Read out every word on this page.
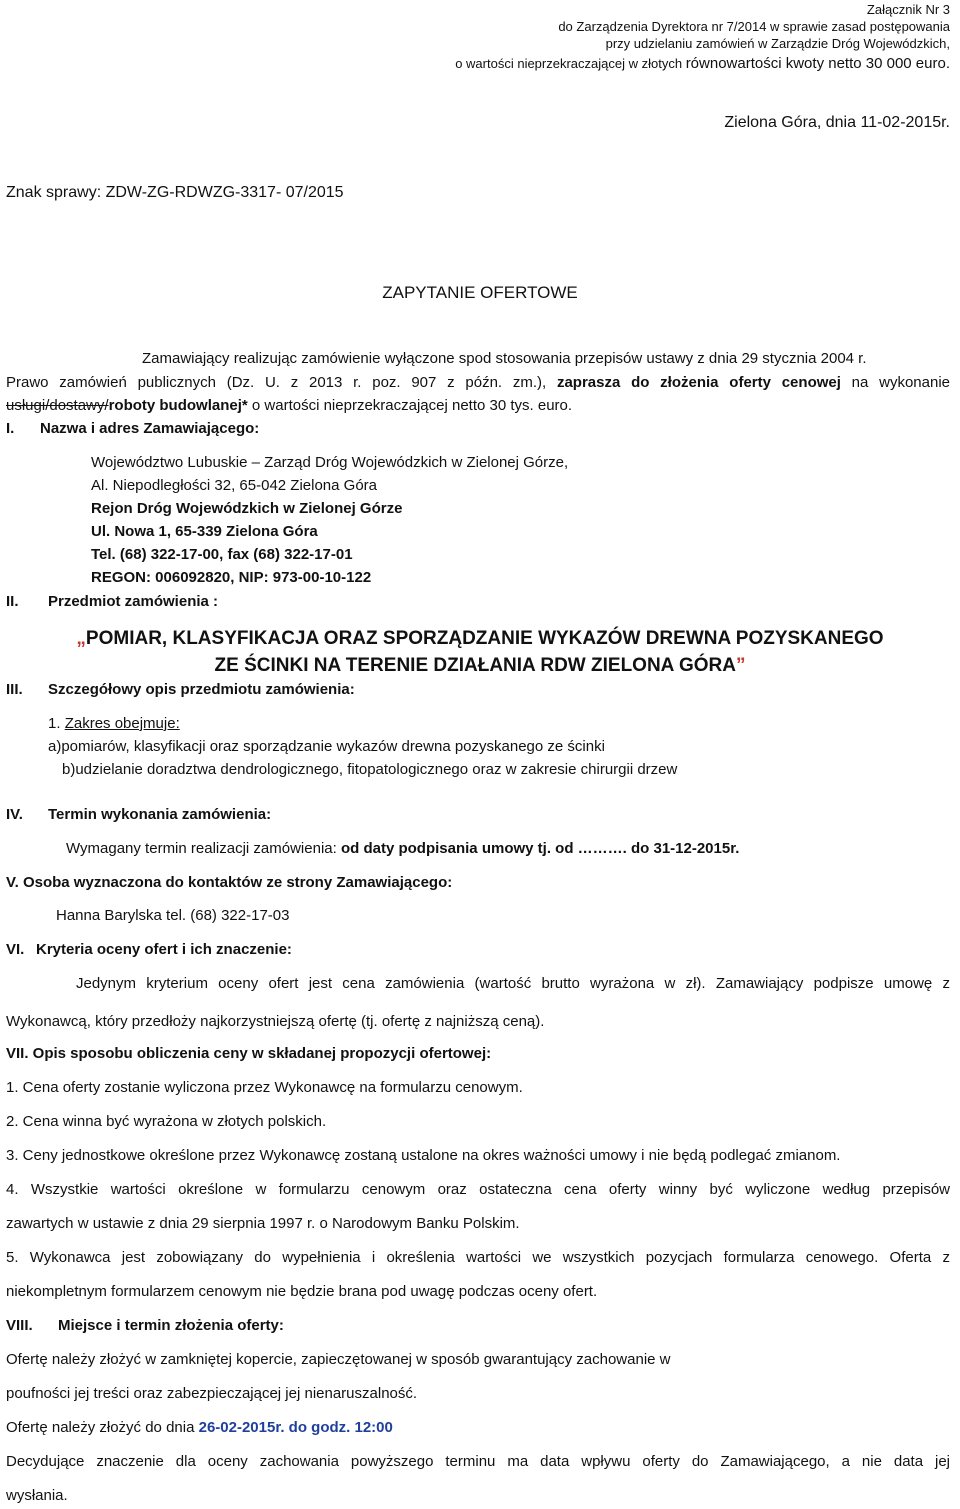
Załącznik Nr 3
do Zarządzenia Dyrektora nr 7/2014 w sprawie zasad postępowania
przy udzielaniu zamówień w Zarządzie Dróg Wojewódzkich,
o wartości nieprzekraczającej w złotych równowartości kwoty netto 30 000 euro.
Zielona Góra, dnia 11-02-2015r.
Znak sprawy: ZDW-ZG-RDWZG-3317- 07/2015
ZAPYTANIE OFERTOWE
Zamawiający realizując zamówienie wyłączone spod stosowania przepisów ustawy z dnia 29 stycznia 2004 r.
Prawo zamówień publicznych (Dz. U. z 2013 r. poz. 907 z późn. zm.), zaprasza do złożenia oferty cenowej na wykonanie
usługi/dostawy/roboty budowlanej* o wartości nieprzekraczającej netto 30 tys. euro.
I. Nazwa i adres Zamawiającego:
Województwo Lubuskie – Zarząd Dróg Wojewódzkich w Zielonej Górze,
Al. Niepodległości 32, 65-042 Zielona Góra
Rejon Dróg Wojewódzkich w Zielonej Górze
Ul. Nowa 1, 65-339 Zielona Góra
Tel. (68) 322-17-00, fax (68) 322-17-01
REGON: 006092820, NIP: 973-00-10-122
II. Przedmiot zamówienia :
„POMIAR, KLASYFIKACJA ORAZ SPORZĄDZANIE WYKAZÓW DREWNA POZYSKANEGO
ZE ŚCINKI NA TERENIE DZIAŁANIA RDW ZIELONA GÓRA”
III. Szczegółowy opis przedmiotu zamówienia:
1. Zakres obejmuje:
a)pomiarów, klasyfikacji oraz sporządzanie wykazów drewna pozyskanego ze ścinki
b)udzielanie doradztwa dendrologicznego, fitopatologicznego oraz w zakresie chirurgii drzew
IV. Termin wykonania zamówienia:
Wymagany termin realizacji zamówienia: od daty podpisania umowy tj. od ………. do 31-12-2015r.
V. Osoba wyznaczona do kontaktów ze strony Zamawiającego:
Hanna Barylska tel. (68) 322-17-03
VI. Kryteria oceny ofert i ich znaczenie:
Jedynym kryterium oceny ofert jest cena zamówienia (wartość brutto wyrażona w zł). Zamawiający podpisze umowę z
Wykonawcą, który przedłoży najkorzystniejszą ofertę (tj. ofertę z najniższą ceną).
VII. Opis sposobu obliczenia ceny w składanej propozycji ofertowej:
1. Cena oferty zostanie wyliczona przez Wykonawcę na formularzu cenowym.
2. Cena winna być wyrażona w złotych polskich.
3. Ceny jednostkowe określone przez Wykonawcę zostaną ustalone na okres ważności umowy i nie będą podlegać zmianom.
4. Wszystkie wartości określone w formularzu cenowym oraz ostateczna cena oferty winny być wyliczone według przepisów
zawartych w ustawie z dnia 29 sierpnia 1997 r. o Narodowym Banku Polskim.
5. Wykonawca jest zobowiązany do wypełnienia i określenia wartości we wszystkich pozycjach formularza cenowego. Oferta z
niekompletnym formularzem cenowym nie będzie brana pod uwagę podczas oceny ofert.
VIII. Miejsce i termin złożenia oferty:
Ofertę należy złożyć w zamkniętej kopercie, zapieczętowanej w sposób gwarantujący zachowanie w
poufności jej treści oraz zabezpieczającej jej nienaruszalność.
Ofertę należy złożyć do dnia 26-02-2015r. do godz. 12:00
Decydujące znaczenie dla oceny zachowania powyższego terminu ma data wpływu oferty do Zamawiającego, a nie data jej
wysłania.
